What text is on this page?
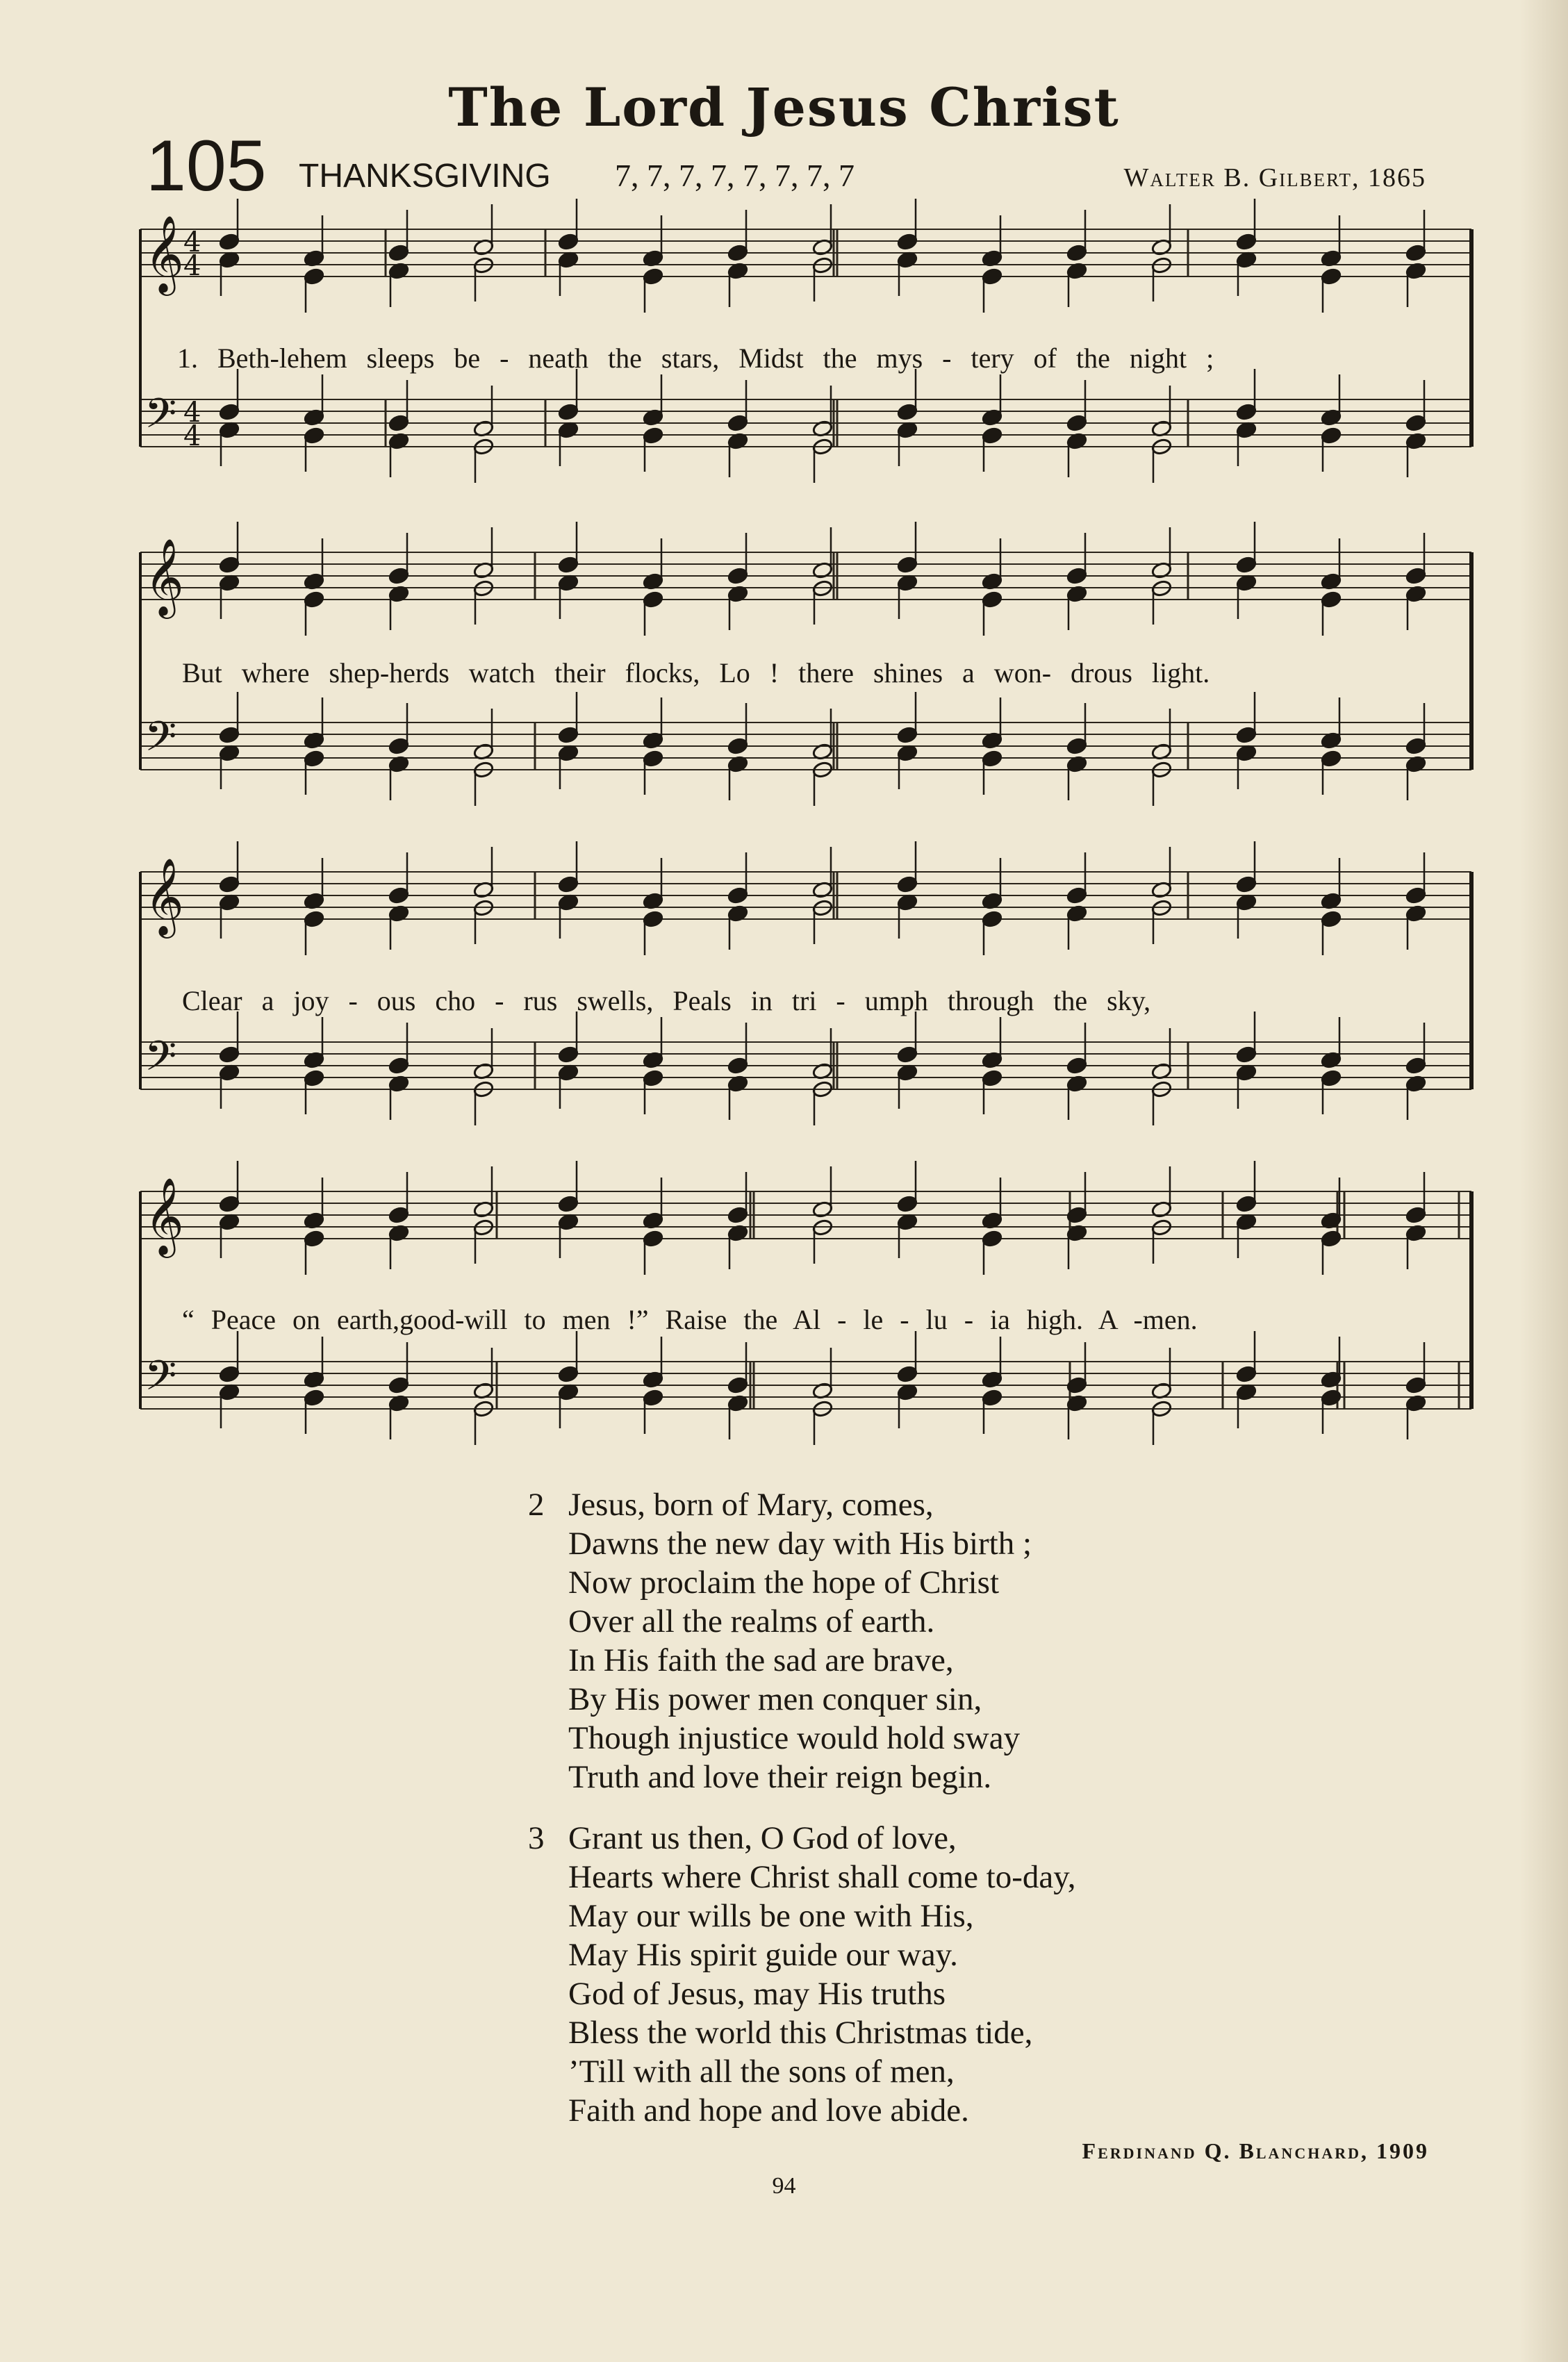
The Lord Jesus Christ
105 THANKSGIVING 7, 7, 7, 7, 7, 7, 7, 7	Walter B. Gilbert, 1865
𝄞 4
4
𝄢 4
4
𝄞
𝄢
𝄞
𝄢
𝄞
𝄢
1. Beth-lehem sleeps be - neath the stars, Midst the mys - tery of the night ;
But where shep-herds watch their flocks, Lo ! there shines a won- drous light.
Clear a joy - ous cho - rus swells, Peals in tri - umph through the sky,
“ Peace on earth,good-will to men !” Raise the Al - le - lu - ia high. A -men.
2 Jesus, born of Mary, comes,
Dawns the new day with His birth ;
Now proclaim the hope of Christ
Over all the realms of earth.
In His faith the sad are brave,
By His power men conquer sin,
Though injustice would hold sway
Truth and love their reign begin.
3 Grant us then, O God of love,
Hearts where Christ shall come to-day,
May our wills be one with His,
May His spirit guide our way.
God of Jesus, may His truths
Bless the world this Christmas tide,
’Till with all the sons of men,
Faith and hope and love abide.
Ferdinand Q. Blanchard, 1909
94
